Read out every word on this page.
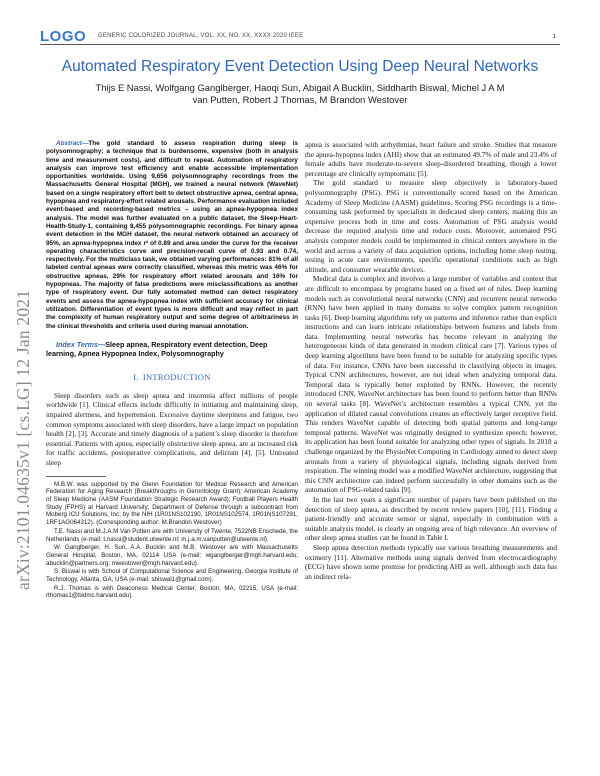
arXiv:2101.04635v1 [cs.LG] 12 Jan 2021
LOGO GENERIC COLORIZED JOURNAL, VOL. XX, NO. XX, XXXX 2020 IEEE	1
Automated Respiratory Event Detection Using Deep Neural Networks
Thijs E Nassi, Wolfgang Ganglberger, Haoqi Sun, Abigail A Bucklin, Siddharth Biswal, Michel J A M van Putten, Robert J Thomas, M Brandon Westover

Abstract—The gold standard to assess respiration during sleep is polysomnography; a technique that is burdensome, expensive (both in analysis time and measurement costs), and difficult to repeat. Automation of respiratory analysis can improve test efficiency and enable accessible implementation opportunities worldwide. Using 9,656 polysomnography recordings from the Massachusetts General Hospital (MGH), we trained a neural network (WaveNet) based on a single respiratory effort belt to detect obstructive apnea, central apnea, hypopnea and respiratory-effort related arousals. Performance evaluation included event-based and recording-based metrics – using an apnea-hypopnea index analysis. The model was further evaluated on a public dataset, the Sleep-Heart-Health-Study-1, containing 8,455 polysomnographic recordings. For binary apnea event detection in the MGH dataset, the neural network obtained an accuracy of 95%, an apnea-hypopnea index r² of 0.89 and area under the curve for the receiver operating characteristics curve and precision-recall curve of 0.93 and 0.74, respectively. For the multiclass task, we obtained varying performances: 81% of all labeled central apneas were correctly classified, whereas this metric was 46% for obstructive apneas, 29% for respiratory effort related arousals and 16% for hypopneas. The majority of false predictions were misclassifications as another type of respiratory event. Our fully automated method can detect respiratory events and assess the apnea-hypopnea index with sufficient accuracy for clinical utilization. Differentiation of event types is more difficult and may reflect in part the complexity of human respiratory output and some degree of arbitrariness in the clinical thresholds and criteria used during manual annotation.

Index Terms—Sleep apnea, Respiratory event detection, Deep learning, Apnea Hypopnea Index, Polysomnography

I. INTRODUCTION

Sleep disorders such as sleep apnea and insomnia affect millions of people worldwide [1]. Clinical effects include difficulty in initiating and maintaining sleep, impaired alertness, and hypertension. Excessive daytime sleepiness and fatigue, two common symptoms associated with sleep disorders, have a large impact on population health [2], [3]. Accurate and timely diagnosis of a patient’s sleep disorder is therefore essential. Patients with apnea, especially obstructive sleep apnea, are at increased risk for traffic accidents, postoperative complications, and delirium [4], [5]. Untreated sleep

M.B.W. was supported by the Glenn Foundation for Medical Research and American Federation for Aging Research (Breakthroughs in Gerontology Grant); American Academy of Sleep Medicine (AASM Foundation Strategic Research Award); Football Players Health Study (FPHS) at Harvard University; Department of Defense through a subcontract from Moberg ICU Solutions, Inc; by the NIH (1R01NS102190, 1R01NS102574, 1R01NS107291, 1RF1AG064312). (Corresponding author: M.Brandon Westover)

T.E. Nassi and M.J.A.M Van Putten are with University of Twente, 7522NB Enschede, the Netherlands (e-mail: t.nassi@student.utwente.nl; m.j.a.m.vanputten@utwente.nl).

W. Ganglberger, H. Sun, A.A. Bucklin and M.B. Westover are with Massachusetts General Hospital, Boston, MA, 02114 USA (e-mail: wganglberger@mgh.harvard.edu; abucklin@partners.org; mwestover@mgh.harvard.edu).

S. Biswal is with School of Computational Science and Engineering, Georgia Institute of Technology, Atlanta, GA, USA (e-mail: sbiswal1@gmail.com).

R.J. Thomas is with Deaconess Medical Center, Boston, MA, 02215, USA (e-mail: rthomas1@bidmc.harvard.edu).

apnea is associated with arrhythmias, heart failure and stroke. Studies that measure the apnea-hypopnea index (AHI) show that an estimated 49.7% of male and 23.4% of female adults have moderate-to-severe sleep-disordered breathing, though a lower percentage are clinically symptomatic [5].

The gold standard to measure sleep objectively is laboratory-based polysomnography (PSG). PSG is conventionally scored based on the American Academy of Sleep Medicine (AASM) guidelines. Scoring PSG recordings is a time-consuming task performed by specialists in dedicated sleep centers, making this an expensive process both in time and costs. Automation of PSG analysis would decrease the required analysis time and reduce costs. Moreover, automated PSG analysis computer models could be implemented in clinical centers anywhere in the world and across a variety of data acquisition options, including home sleep testing, testing in acute care environments, specific operational conditions such as high altitude, and consumer wearable devices.

Medical data is complex and involves a large number of variables and context that are difficult to encompass by programs based on a fixed set of rules. Deep learning models such as convolutional neural networks (CNN) and recurrent neural networks (RNN) have been applied in many domains to solve complex pattern recognition tasks [6]. Deep learning algorithms rely on patterns and inference rather than explicit instructions and can learn intricate relationships between features and labels from data. Implementing neural networks has become relevant in analyzing the heterogeneous kinds of data generated in modern clinical care [7]. Various types of deep learning algorithms have been found to be suitable for analyzing specific types of data. For instance, CNNs have been successful in classifying objects in images. Typical CNN architectures, however, are not ideal when analyzing temporal data. Temporal data is typically better exploited by RNNs. However, the recently introduced CNN, WaveNet architecture has been found to perform better than RNNs on several tasks [8]. WaveNet’s architecture resembles a typical CNN, yet the application of dilated causal convolutions creates an effectively larger receptive field. This renders WaveNet capable of detecting both spatial patterns and long-range temporal patterns. WaveNet was originally designed to synthesize speech; however, its application has been found suitable for analyzing other types of signals. In 2018 a challenge organized by the PhysioNet Computing in Cardiology aimed to detect sleep arousals from a variety of physiological signals, including signals derived from respiration. The winning model was a modified WaveNet architecture, suggesting that this CNN architecture can indeed perform successfully in other domains such as the automation of PSG-related tasks [9].

In the last two years a significant number of papers have been published on the detection of sleep apnea, as described by recent review papers [10], [11]. Finding a patient-friendly and accurate sensor or signal, especially in combination with a suitable analysis model, is clearly an ongoing area of high relevance. An overview of other sleep apnea studies can be found in Table I.

Sleep apnea detection methods typically use various breathing measurements and oximetry [11]. Alternative methods using signals derived from electrocardiography (ECG) have shown some promise for predicting AHI as well, although such data has an indirect rela-
